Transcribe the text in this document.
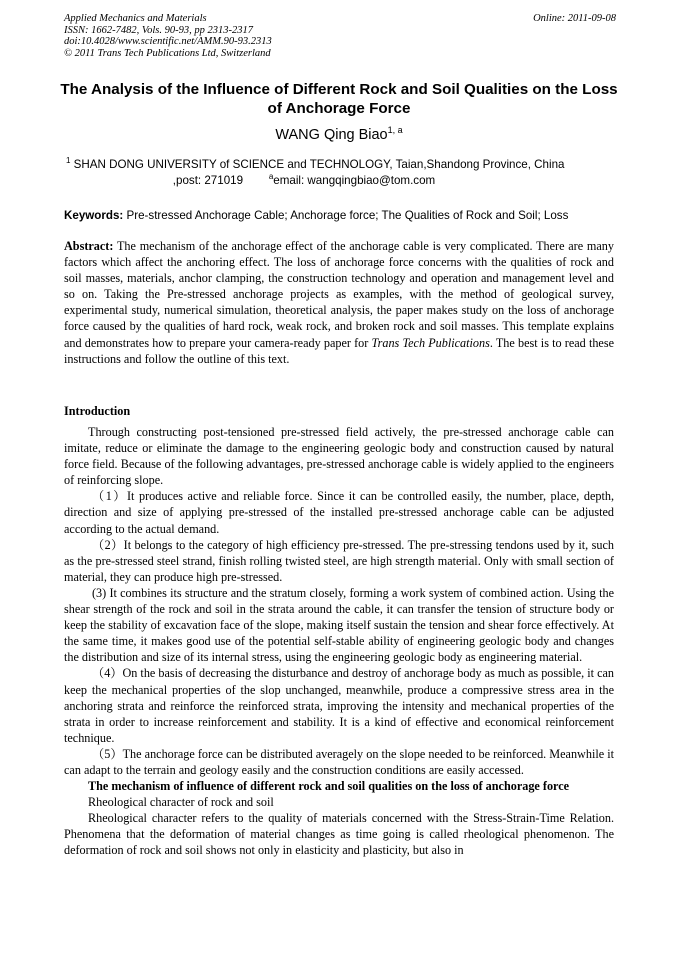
Applied Mechanics and Materials
ISSN: 1662-7482, Vols. 90-93, pp 2313-2317
doi:10.4028/www.scientific.net/AMM.90-93.2313
© 2011 Trans Tech Publications Ltd, Switzerland
Online: 2011-09-08
The Analysis of the Influence of Different Rock and Soil Qualities on the Loss of Anchorage Force
WANG Qing Biao$^{1, a}$
$^1$ SHAN DONG UNIVERSITY of SCIENCE and TECHNOLOGY, Taian,Shandong Province, China
,post: 271019	$^a$email: wangqingbiao@tom.com
Keywords: Pre-stressed Anchorage Cable; Anchorage force; The Qualities of Rock and Soil; Loss
Abstract: The mechanism of the anchorage effect of the anchorage cable is very complicated. There are many factors which affect the anchoring effect. The loss of anchorage force concerns with the qualities of rock and soil masses, materials, anchor clamping, the construction technology and operation and management level and so on. Taking the Pre-stressed anchorage projects as examples, with the method of geological survey, experimental study, numerical simulation, theoretical analysis, the paper makes study on the loss of anchorage force caused by the qualities of hard rock, weak rock, and broken rock and soil masses. This template explains and demonstrates how to prepare your camera-ready paper for Trans Tech Publications. The best is to read these instructions and follow the outline of this text.
Introduction

Through constructing post-tensioned pre-stressed field actively, the pre-stressed anchorage cable can imitate, reduce or eliminate the damage to the engineering geologic body and construction caused by natural force field. Because of the following advantages, pre-stressed anchorage cable is widely applied to the engineers of reinforcing slope.

（1）It produces active and reliable force. Since it can be controlled easily, the number, place, depth, direction and size of applying pre-stressed of the installed pre-stressed anchorage cable can be adjusted according to the actual demand.

（2）It belongs to the category of high efficiency pre-stressed. The pre-stressing tendons used by it, such as the pre-stressed steel strand, finish rolling twisted steel, are high strength material. Only with small section of material, they can produce high pre-stressed.

(3) It combines its structure and the stratum closely, forming a work system of combined action. Using the shear strength of the rock and soil in the strata around the cable, it can transfer the tension of structure body or keep the stability of excavation face of the slope, making itself sustain the tension and shear force effectively. At the same time, it makes good use of the potential self-stable ability of engineering geologic body and changes the distribution and size of its internal stress, using the engineering geologic body as engineering material.

（4）On the basis of decreasing the disturbance and destroy of anchorage body as much as possible, it can keep the mechanical properties of the slop unchanged, meanwhile, produce a compressive stress area in the anchoring strata and reinforce the reinforced strata, improving the intensity and mechanical properties of the strata in order to increase reinforcement and stability. It is a kind of effective and economical reinforcement technique.

（5）The anchorage force can be distributed averagely on the slope needed to be reinforced. Meanwhile it can adapt to the terrain and geology easily and the construction conditions are easily accessed.

The mechanism of influence of different rock and soil qualities on the loss of anchorage force

Rheological character of rock and soil

Rheological character refers to the quality of materials concerned with the Stress-Strain-Time Relation. Phenomena that the deformation of material changes as time going is called rheological phenomenon. The deformation of rock and soil shows not only in elasticity and plasticity, but also in
